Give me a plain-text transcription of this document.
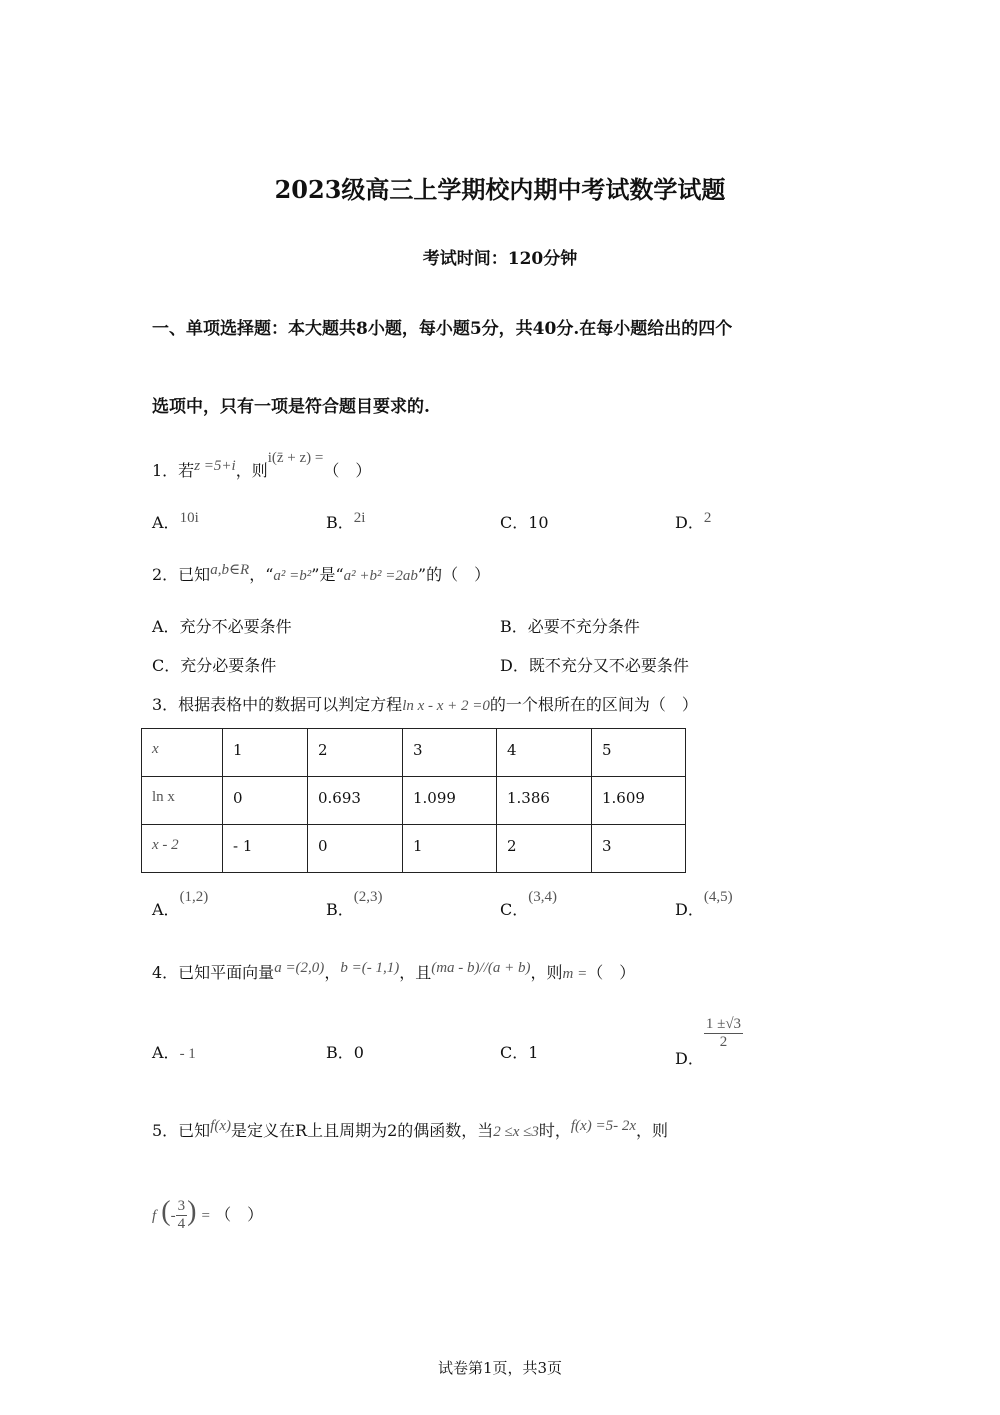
2023级高三上学期校内期中考试数学试题
考试时间：120分钟
一、单项选择题：本大题共8小题，每小题5分，共40分.在每小题给出的四个
选项中，只有一项是符合题目要求的.
1．若z =5+i，则i(z̄ + z) =（　）
A．10i	B．2i	C．10	D．2
2．已知a,b∈R，“a² =b²”是“a² +b² =2ab”的（　）
A．充分不必要条件	B．必要不充分条件
C．充分必要条件	D．既不充分又不必要条件
3．根据表格中的数据可以判定方程ln x - x + 2 =0的一个根所在的区间为（　）
x	1	2	3	4	5
ln x	0	0.693	1.099	1.386	1.609
x - 2	- 1	0	1	2	3
A．(1,2)
B．(2,3)
C．(3,4)
D．(4,5)
4．已知平面向量a =(2,0)，b =(- 1,1)，且(ma - b)//(a + b)，则m =（　）
A．- 1	B．0	C．1	D．
$\frac{1 \pm√3}{2}$
5．已知f(x)是定义在R上且周期为2的偶函数，当2 ≤x ≤3时，f(x) =5- 2x，则
f (- $\frac{3}{4}$ ) = （　）
试卷第1页，共3页
